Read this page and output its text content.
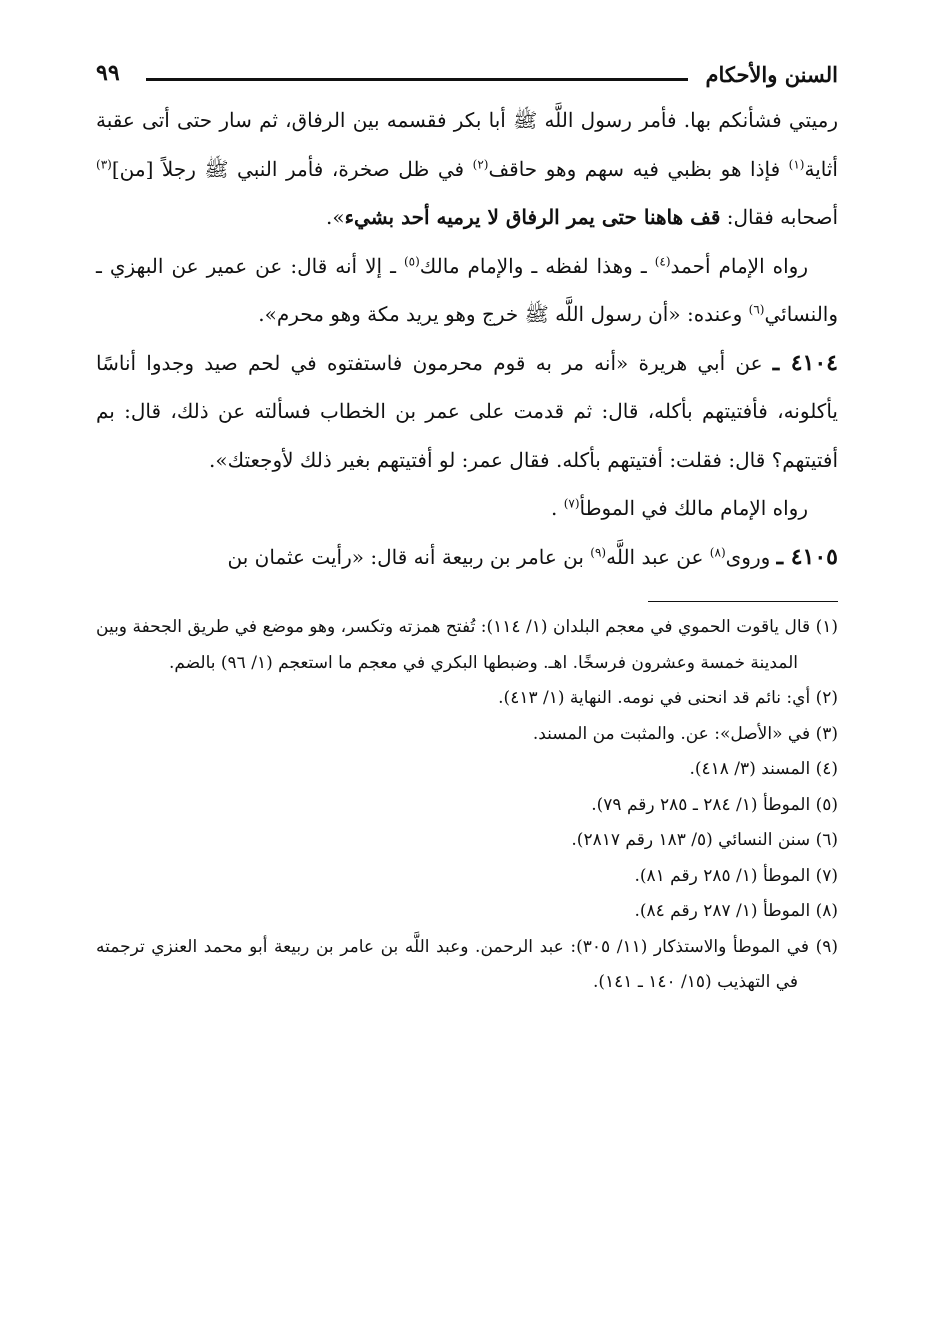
السنن والأحكام
٩٩

رميتي فشأنكم بها. فأمر رسول اللَّه ﷺ أبا بكر فقسمه بين الرفاق، ثم سار حتى أتى عقبة أثاية$^{(١)}$ فإذا هو بظبي فيه سهم وهو حاقف$^{(٢)}$ في ظل صخرة، فأمر النبي ﷺ رجلاً [من]$^{(٣)}$ أصحابه فقال: قف هاهنا حتى يمر الرفاق لا يرميه أحد بشيء».

رواه الإمام أحمد$^{(٤)}$ ـ وهذا لفظه ـ والإمام مالك$^{(٥)}$ ـ إلا أنه قال: عن عمير عن البهزي ـ والنسائي$^{(٦)}$ وعنده: «أن رسول اللَّه ﷺ خرج وهو يريد مكة وهو محرم».

٤١٠٤ ـ عن أبي هريرة «أنه مر به قوم محرمون فاستفتوه في لحم صيد وجدوا أناسًا يأكلونه، فأفتيتهم بأكله، قال: ثم قدمت على عمر بن الخطاب فسألته عن ذلك، قال: بم أفتيتهم؟ قال: فقلت: أفتيتهم بأكله. فقال عمر: لو أفتيتهم بغير ذلك لأوجعتك».

رواه الإمام مالك في الموطأ$^{(٧)}$ .

٤١٠٥ ـ وروى$^{(٨)}$ عن عبد اللَّه$^{(٩)}$ بن عامر بن ربيعة أنه قال: «رأيت عثمان بن

(١) قال ياقوت الحموي في معجم البلدان (١/ ١١٤): تُفتح همزته وتكسر، وهو موضع في طريق الجحفة وبين المدينة خمسة وعشرون فرسخًا. اهـ. وضبطها البكري في معجم ما استعجم (١/ ٩٦) بالضم.

(٢) أي: نائم قد انحنى في نومه. النهاية (١/ ٤١٣).

(٣) في «الأصل»: عن. والمثبت من المسند.

(٤) المسند (٣/ ٤١٨).

(٥) الموطأ (١/ ٢٨٤ ـ ٢٨٥ رقم ٧٩).

(٦) سنن النسائي (٥/ ١٨٣ رقم ٢٨١٧).

(٧) الموطأ (١/ ٢٨٥ رقم ٨١).

(٨) الموطأ (١/ ٢٨٧ رقم ٨٤).

(٩) في الموطأ والاستذكار (١١/ ٣٠٥): عبد الرحمن. وعبد اللَّه بن عامر بن ربيعة أبو محمد العنزي ترجمته في التهذيب (١٥/ ١٤٠ ـ ١٤١).
